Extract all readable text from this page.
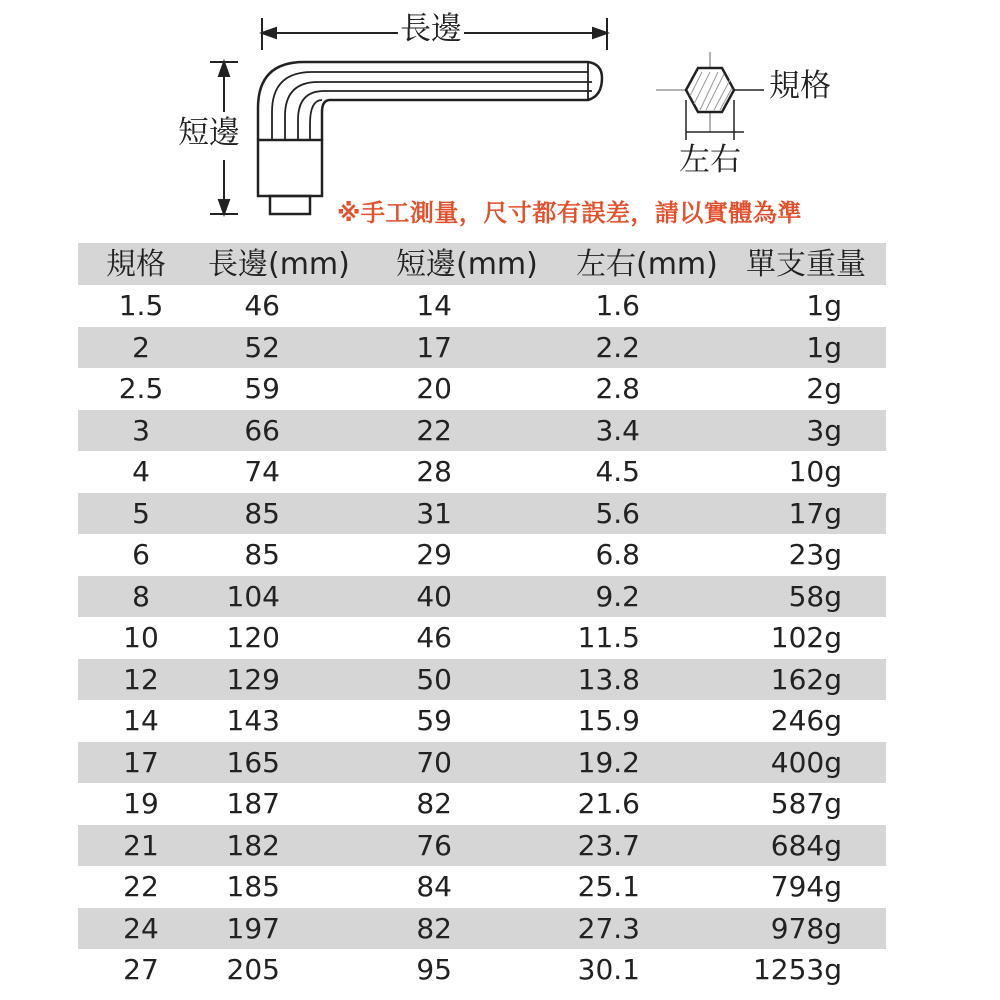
長邊
短邊
規格
左右
※手工測量，尺寸都有誤差，請以實體為準
規格 長邊(mm) 短邊(mm) 左右(mm) 單支重量
1.5	46	14	1.6	1g
2	52	17	2.2	1g
2.5	59	20	2.8	2g
3	66	22	3.4	3g
4	74	28	4.5	10g
5	85	31	5.6	17g
6	85	29	6.8	23g
8	104	40	9.2	58g
10	120	46	11.5	102g
12	129	50	13.8	162g
14	143	59	15.9	246g
17	165	70	19.2	400g
19	187	82	21.6	587g
21	182	76	23.7	684g
22	185	84	25.1	794g
24	197	82	27.3	978g
27	205	95	30.1	1253g
